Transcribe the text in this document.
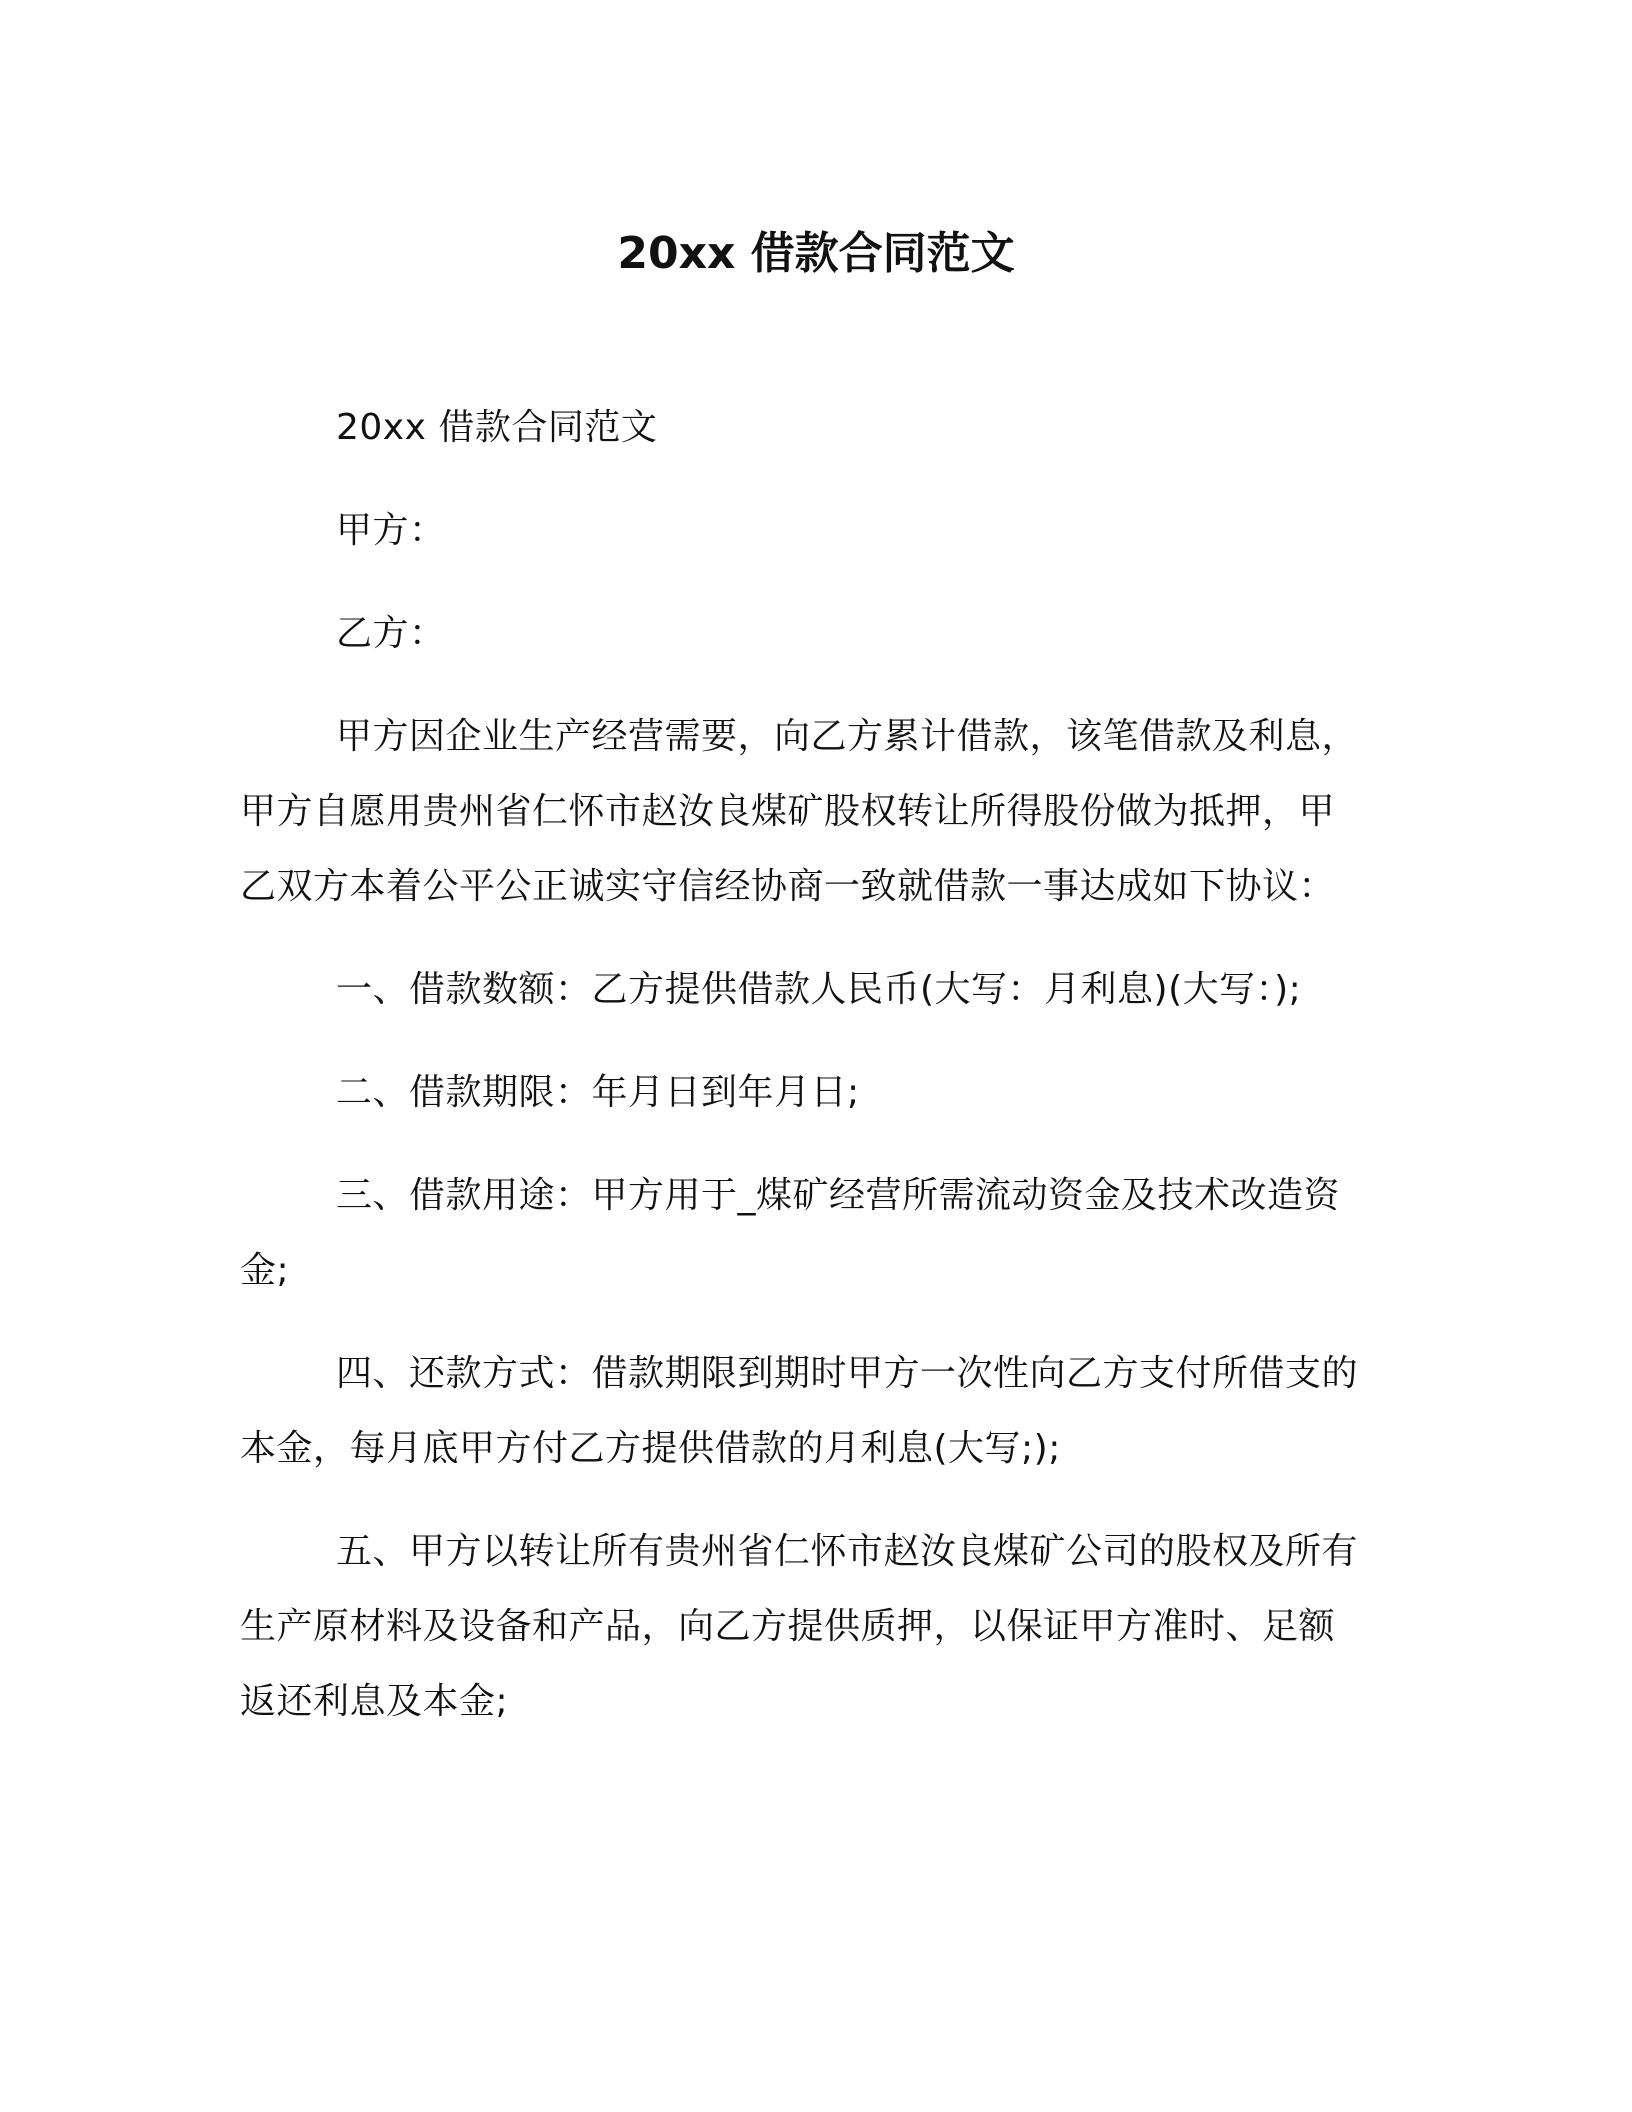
20xx 借款合同范文

20xx 借款合同范文

甲方：

乙方：

甲方因企业生产经营需要，向乙方累计借款，该笔借款及利息，甲方自愿用贵州省仁怀市赵汝良煤矿股权转让所得股份做为抵押，甲乙双方本着公平公正诚实守信经协商一致就借款一事达成如下协议：

一、借款数额：乙方提供借款人民币(大写：月利息)(大写：);

二、借款期限：年月日到年月日;

三、借款用途：甲方用于_煤矿经营所需流动资金及技术改造资金;

四、还款方式：借款期限到期时甲方一次性向乙方支付所借支的本金，每月底甲方付乙方提供借款的月利息(大写;);

五、甲方以转让所有贵州省仁怀市赵汝良煤矿公司的股权及所有生产原材料及设备和产品，向乙方提供质押，以保证甲方准时、足额返还利息及本金;
